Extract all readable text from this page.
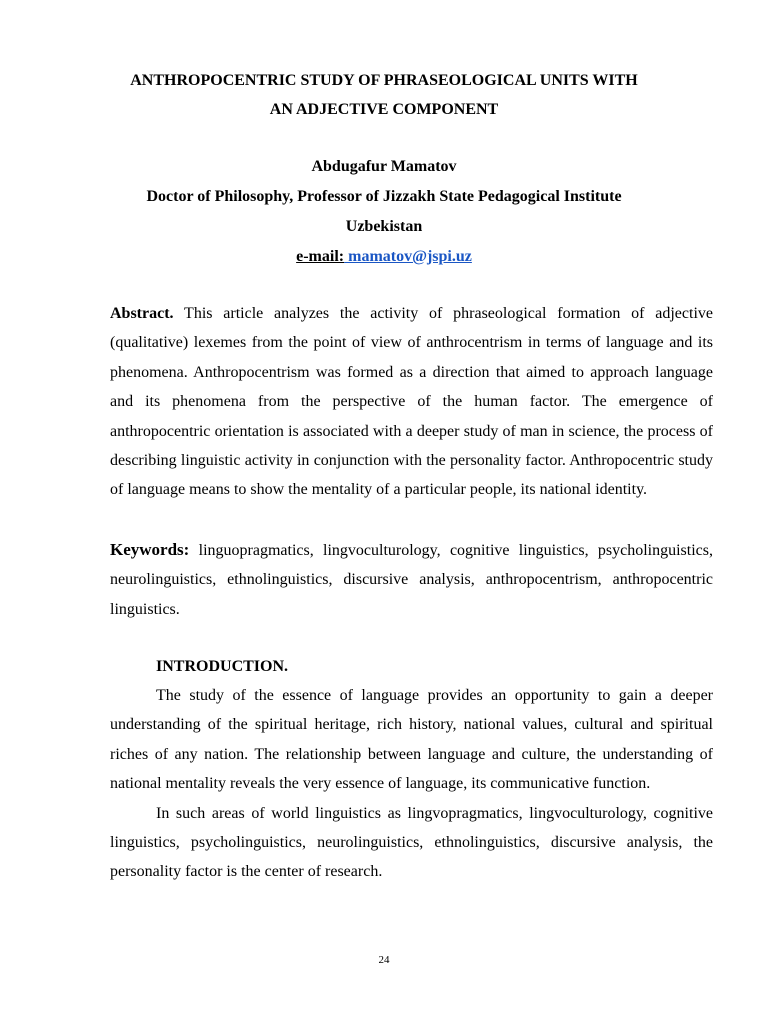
ANTHROPOCENTRIC STUDY OF PHRASEOLOGICAL UNITS WITH
AN ADJECTIVE COMPONENT
Abdugafur Mamatov
Doctor of Philosophy, Professor of Jizzakh State Pedagogical Institute
Uzbekistan
e-mail: mamatov@jspi.uz
Abstract. This article analyzes the activity of phraseological formation of adjective (qualitative) lexemes from the point of view of anthrocentrism in terms of language and its phenomena. Anthropocentrism was formed as a direction that aimed to approach language and its phenomena from the perspective of the human factor. The emergence of anthropocentric orientation is associated with a deeper study of man in science, the process of describing linguistic activity in conjunction with the personality factor. Anthropocentric study of language means to show the mentality of a particular people, its national identity.
Keywords: linguopragmatics, lingvoculturology, cognitive linguistics, psycholinguistics, neurolinguistics, ethnolinguistics, discursive analysis, anthropocentrism, anthropocentric linguistics.
INTRODUCTION.

The study of the essence of language provides an opportunity to gain a deeper understanding of the spiritual heritage, rich history, national values, cultural and spiritual riches of any nation. The relationship between language and culture, the understanding of national mentality reveals the very essence of language, its communicative function.

In such areas of world linguistics as lingvopragmatics, lingvoculturology, cognitive linguistics, psycholinguistics, neurolinguistics, ethnolinguistics, discursive analysis, the personality factor is the center of research.

24
